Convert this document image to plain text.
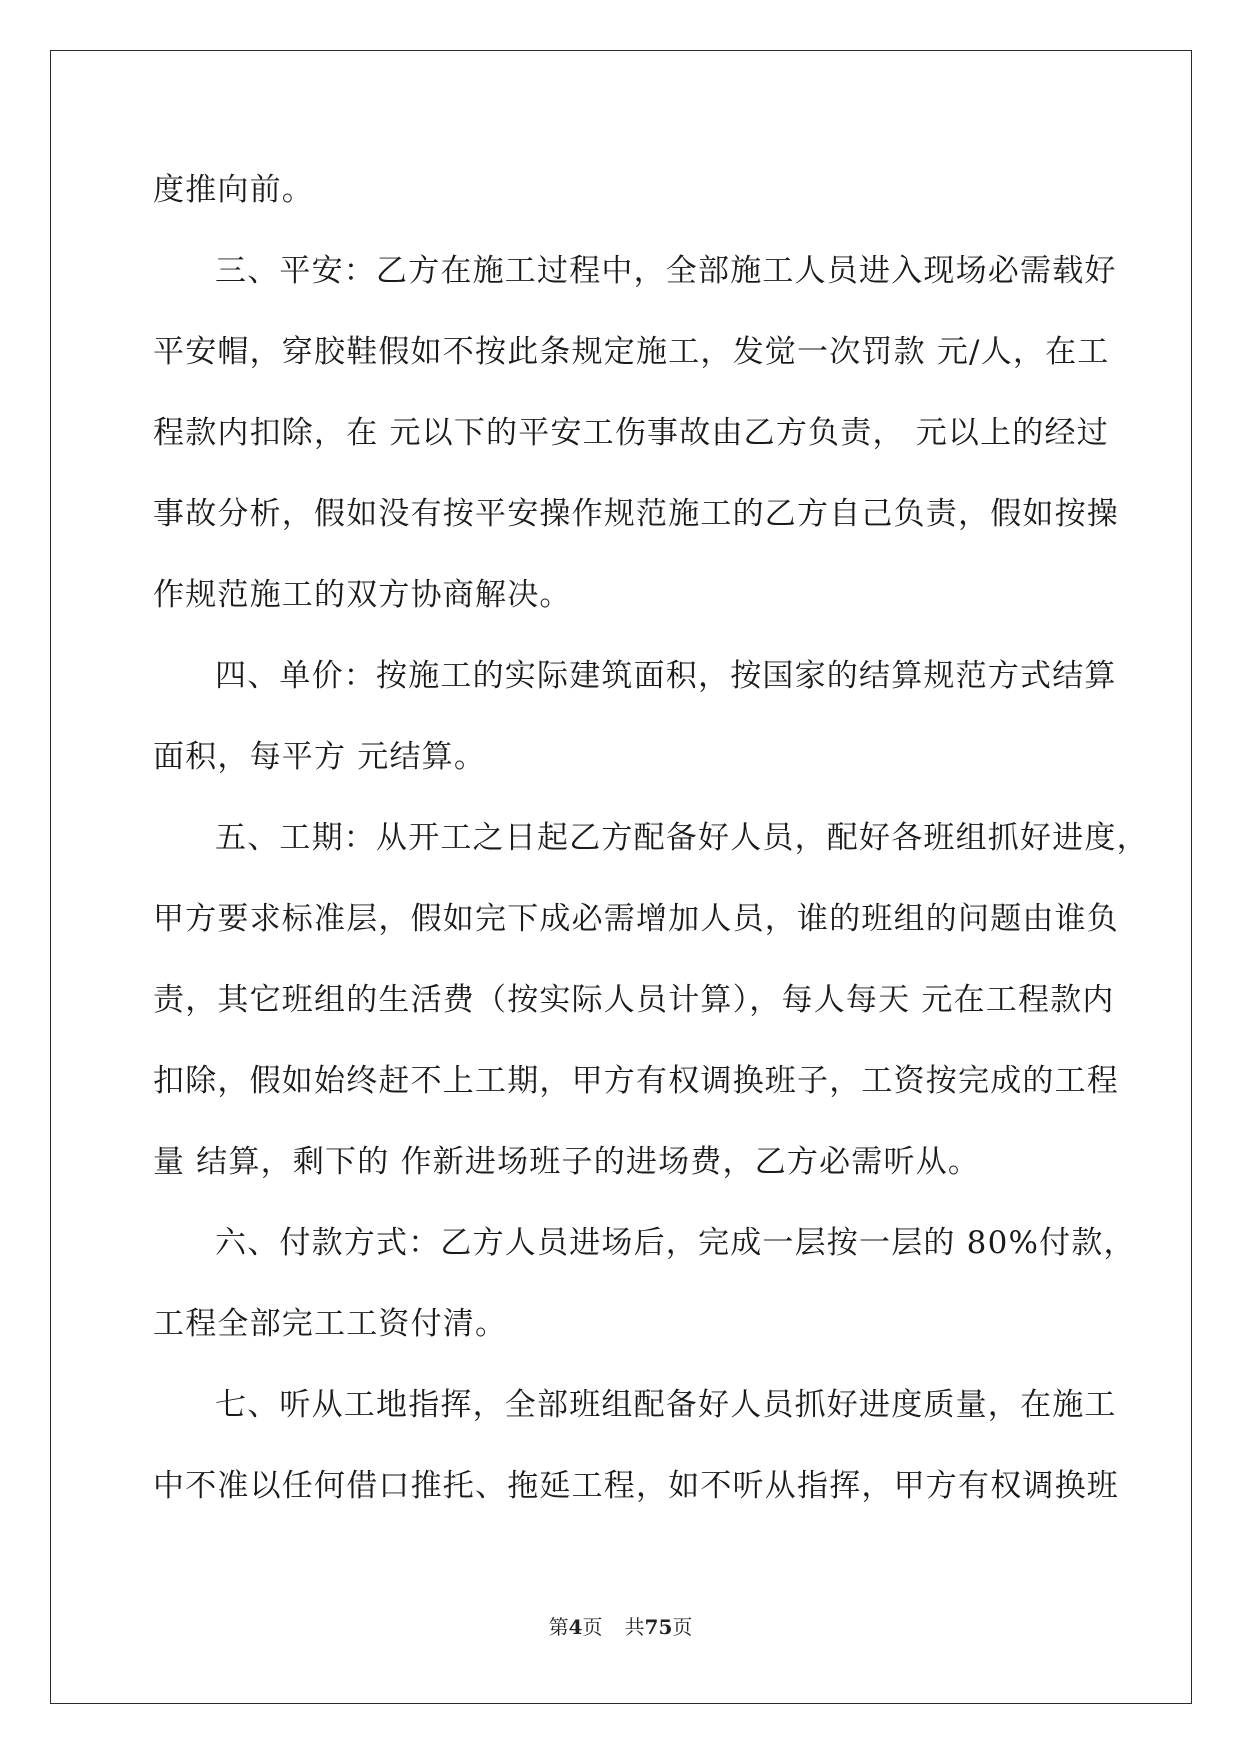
度推向前。
三、平安：乙方在施工过程中，全部施工人员进入现场必需载好
平安帽，穿胶鞋假如不按此条规定施工，发觉一次罚款 元/人，在工
程款内扣除，在 元以下的平安工伤事故由乙方负责， 元以上的经过
事故分析，假如没有按平安操作规范施工的乙方自己负责，假如按操
作规范施工的双方协商解决。
四、单价：按施工的实际建筑面积，按国家的结算规范方式结算
面积，每平方 元结算。
五、工期：从开工之日起乙方配备好人员，配好各班组抓好进度，
甲方要求标准层，假如完下成必需增加人员，谁的班组的问题由谁负
责，其它班组的生活费（按实际人员计算），每人每天 元在工程款内
扣除，假如始终赶不上工期，甲方有权调换班子，工资按完成的工程
量 结算，剩下的 作新进场班子的进场费，乙方必需听从。
六、付款方式：乙方人员进场后，完成一层按一层的 80%付款，
工程全部完工工资付清。
七、听从工地指挥，全部班组配备好人员抓好进度质量，在施工
中不准以任何借口推托、拖延工程，如不听从指挥，甲方有权调换班
第4页 共75页
